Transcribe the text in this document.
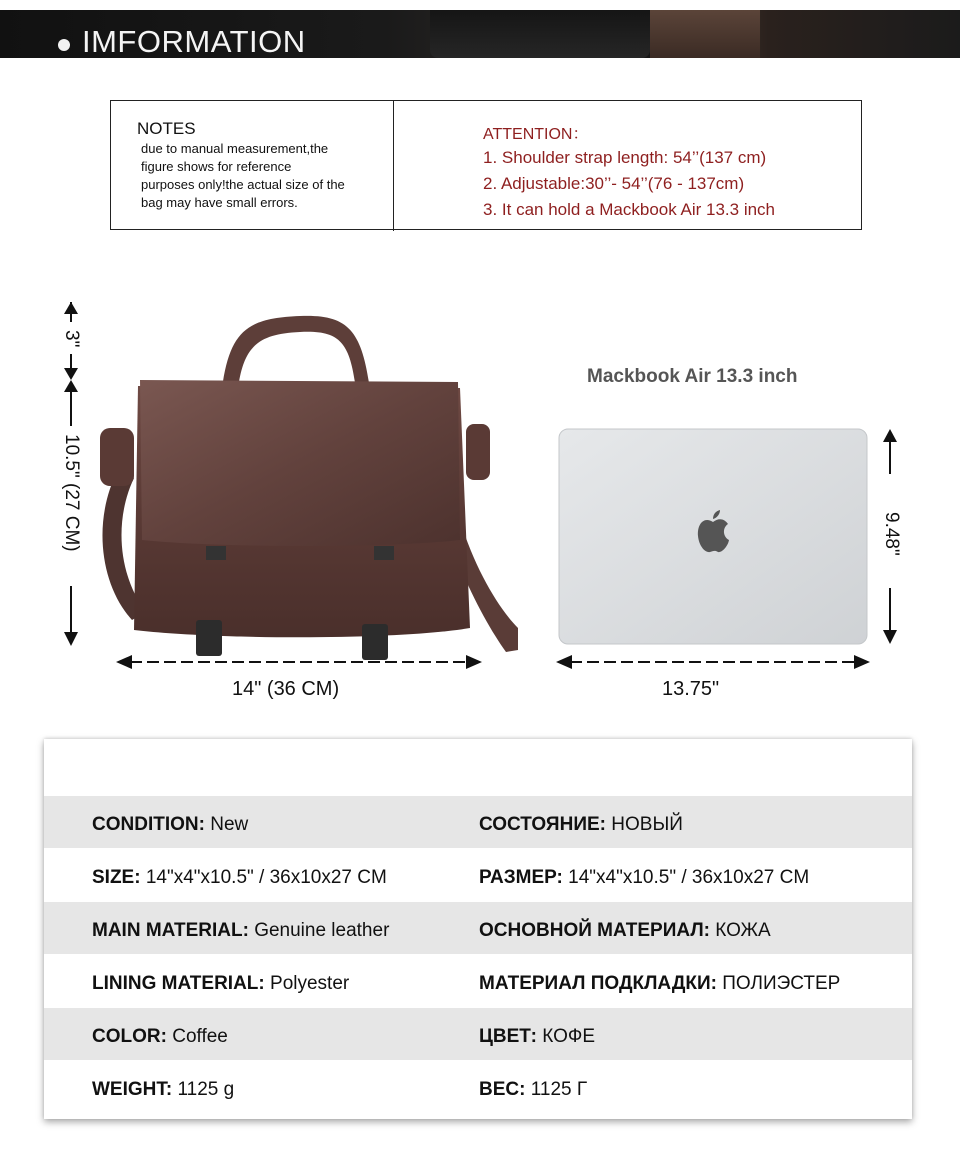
IMFORMATION
NOTES
due to manual measurement,the
figure shows for reference
purposes only!the actual size of the
bag may have small errors.
ATTENTION：
1. Shoulder strap length: 54’’(137 cm)
2. Adjustable:30’’- 54’’(76 - 137cm)
3. It can hold a Mackbook Air 13.3 inch
3"
10.5" (27 CM)
14" (36 CM)
Mackbook Air 13.3 inch
9.48"
13.75"
CONDITION: New	СОСТОЯНИЕ: НОВЫЙ
SIZE: 14"x4"x10.5" / 36x10x27 CM	РАЗМЕР: 14"x4"x10.5" / 36x10x27 CM
MAIN MATERIAL: Genuine leather	ОСНОВНОЙ МАТЕРИАЛ: КОЖА
LINING MATERIAL: Polyester	МАТЕРИАЛ ПОДКЛАДКИ: ПОЛИЭСТЕР
COLOR: Coffee	ЦВЕТ: КОФЕ
WEIGHT: 1125 g	ВЕС: 1125 Г
